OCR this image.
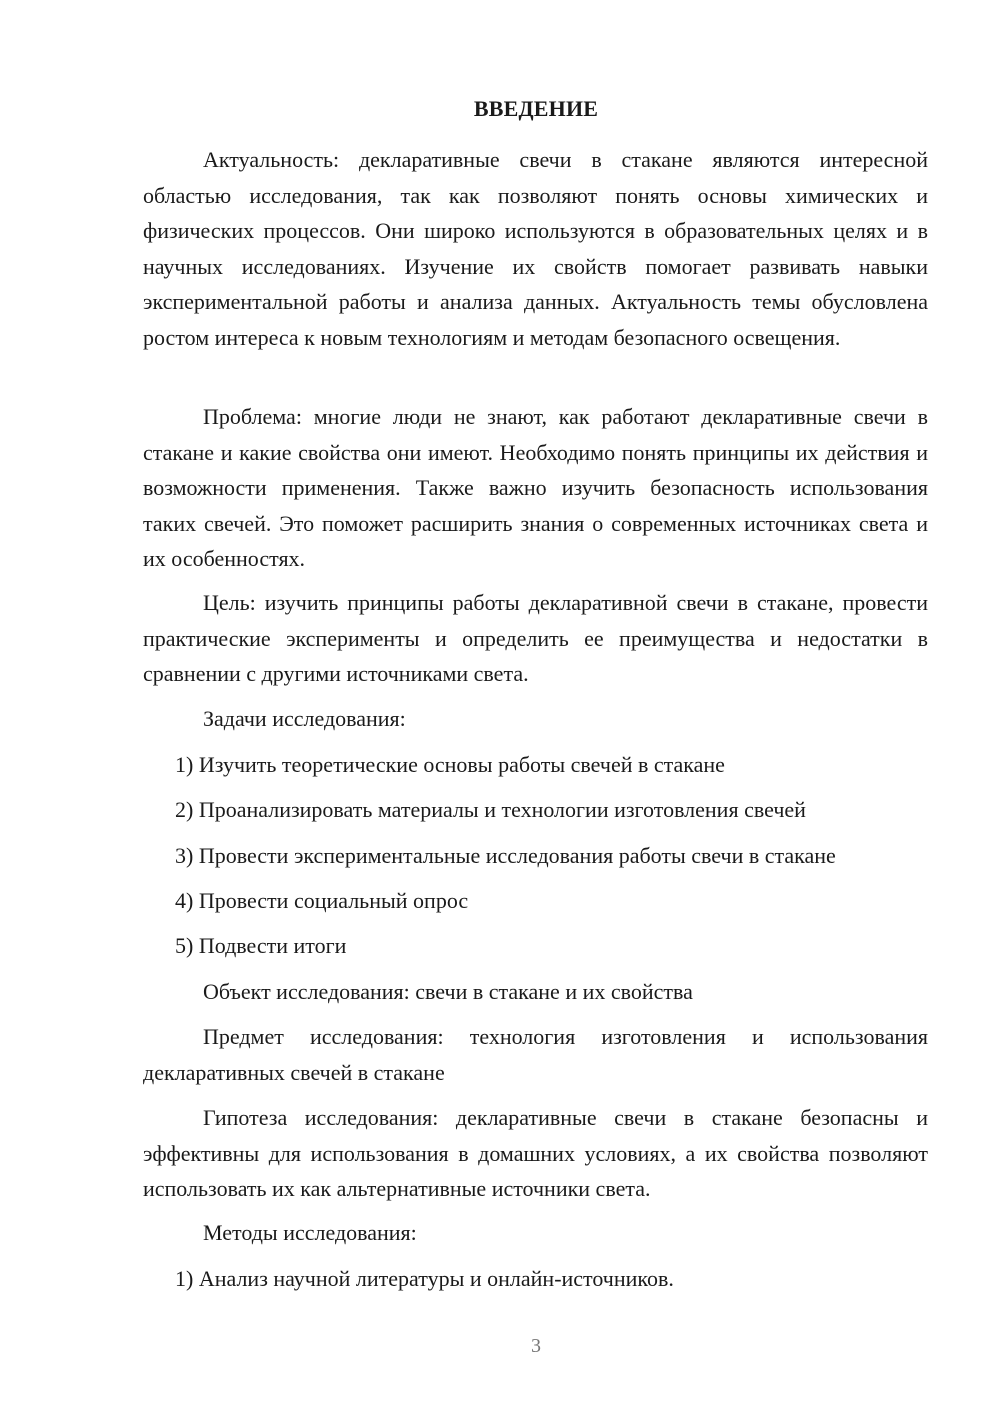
ВВЕДЕНИЕ

Актуальность: декларативные свечи в стакане являются интересной областью исследования, так как позволяют понять основы химических и физических процессов. Они широко используются в образовательных целях и в научных исследованиях. Изучение их свойств помогает развивать навыки экспериментальной работы и анализа данных. Актуальность темы обусловлена ростом интереса к новым технологиям и методам безопасного освещения.

Проблема: многие люди не знают, как работают декларативные свечи в стакане и какие свойства они имеют. Необходимо понять принципы их действия и возможности применения. Также важно изучить безопасность использования таких свечей. Это поможет расширить знания о современных источниках света и их особенностях.

Цель: изучить принципы работы декларативной свечи в стакане, провести практические эксперименты и определить ее преимущества и недостатки в сравнении с другими источниками света.

Задачи исследования:
1) Изучить теоретические основы работы свечей в стакане
2) Проанализировать материалы и технологии изготовления свечей
3) Провести экспериментальные исследования работы свечи в стакане
4) Провести социальный опрос
5) Подвести итоги
Объект исследования: свечи в стакане и их свойства

Предмет исследования: технология изготовления и использования декларативных свечей в стакане

Гипотеза исследования: декларативные свечи в стакане безопасны и эффективны для использования в домашних условиях, а их свойства позволяют использовать их как альтернативные источники света.

Методы исследования:
1) Анализ научной литературы и онлайн-источников.
3
